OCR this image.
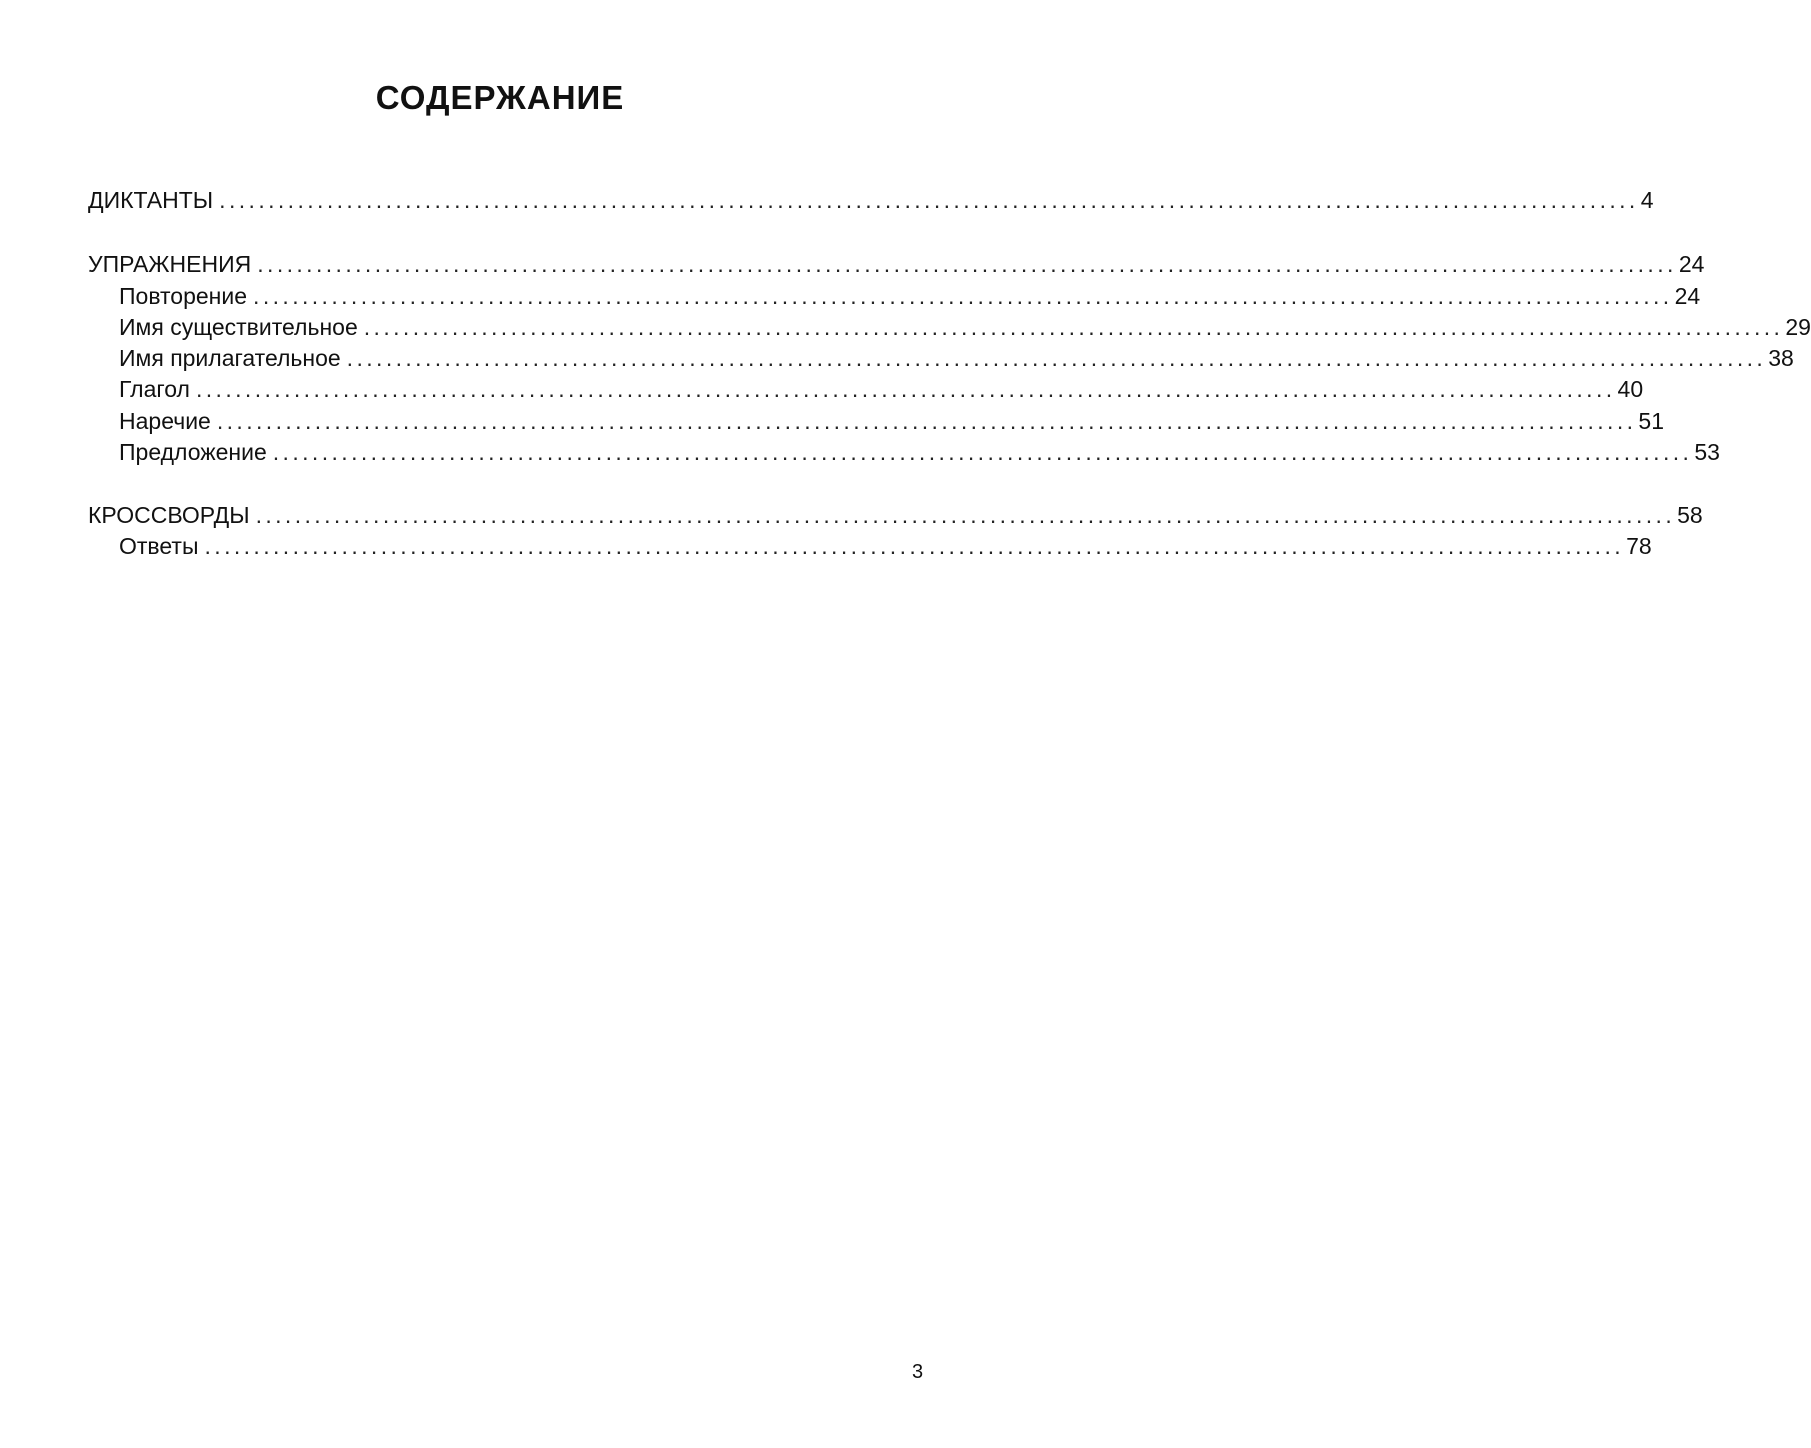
СОДЕРЖАНИЕ
ДИКТАНТЫ ................................................................................................................................................. 4
УПРАЖНЕНИЯ ................................................................................................................................................. 24
Повторение ................................................................................................................................................. 24
Имя существительное ................................................................................................................................................. 29
Имя прилагательное ................................................................................................................................................. 38
Глагол ................................................................................................................................................. 40
Наречие ................................................................................................................................................. 51
Предложение ................................................................................................................................................. 53
КРОССВОРДЫ ................................................................................................................................................. 58
Ответы ................................................................................................................................................. 78
3
